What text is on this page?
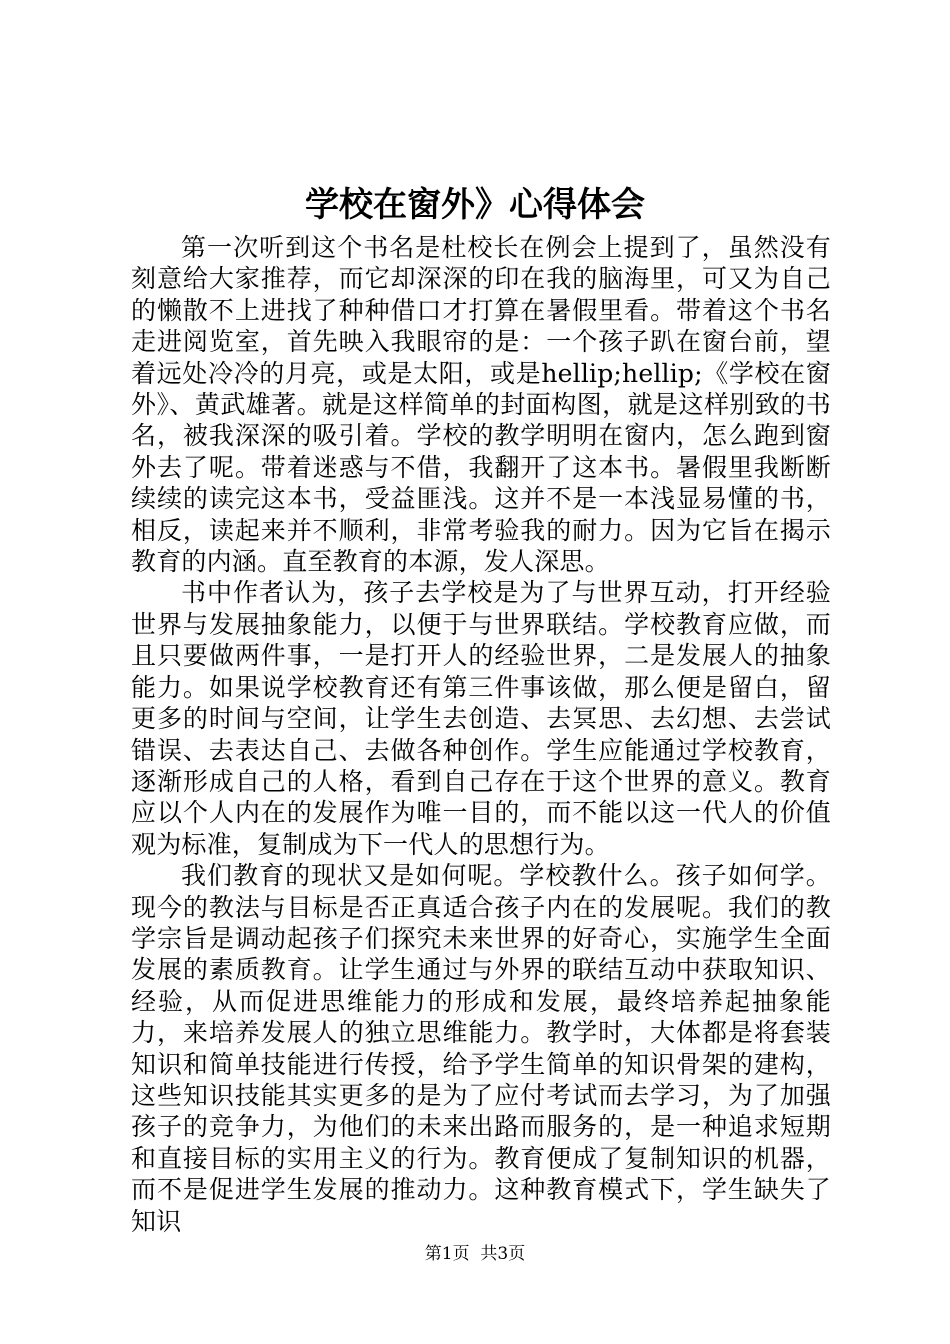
学校在窗外》心得体会

第一次听到这个书名是杜校长在例会上提到了，虽然没有刻意给大家推荐，而它却深深的印在我的脑海里，可又为自己的懒散不上进找了种种借口才打算在暑假里看。带着这个书名走进阅览室，首先映入我眼帘的是：一个孩子趴在窗台前，望着远处冷冷的月亮，或是太阳，或是hellip;hellip;《学校在窗外》、黄武雄著。就是这样简单的封面构图，就是这样别致的书名，被我深深的吸引着。学校的教学明明在窗内，怎么跑到窗外去了呢。带着迷惑与不借，我翻开了这本书。暑假里我断断续续的读完这本书，受益匪浅。这并不是一本浅显易懂的书，相反，读起来并不顺利，非常考验我的耐力。因为它旨在揭示教育的内涵。直至教育的本源，发人深思。

书中作者认为，孩子去学校是为了与世界互动，打开经验世界与发展抽象能力，以便于与世界联结。学校教育应做，而且只要做两件事，一是打开人的经验世界，二是发展人的抽象能力。如果说学校教育还有第三件事该做，那么便是留白，留更多的时间与空间，让学生去创造、去冥思、去幻想、去尝试错误、去表达自己、去做各种创作。学生应能通过学校教育，逐渐形成自己的人格，看到自己存在于这个世界的意义。教育应以个人内在的发展作为唯一目的，而不能以这一代人的价值观为标准，复制成为下一代人的思想行为。

我们教育的现状又是如何呢。学校教什么。孩子如何学。现今的教法与目标是否正真适合孩子内在的发展呢。我们的教学宗旨是调动起孩子们探究未来世界的好奇心，实施学生全面发展的素质教育。让学生通过与外界的联结互动中获取知识、经验，从而促进思维能力的形成和发展，最终培养起抽象能力，来培养发展人的独立思维能力。教学时，大体都是将套装知识和简单技能进行传授，给予学生简单的知识骨架的建构，这些知识技能其实更多的是为了应付考试而去学习，为了加强孩子的竞争力，为他们的未来出路而服务的，是一种追求短期和直接目标的实用主义的行为。教育便成了复制知识的机器，而不是促进学生发展的推动力。这种教育模式下，学生缺失了知识

第1页  共3页
